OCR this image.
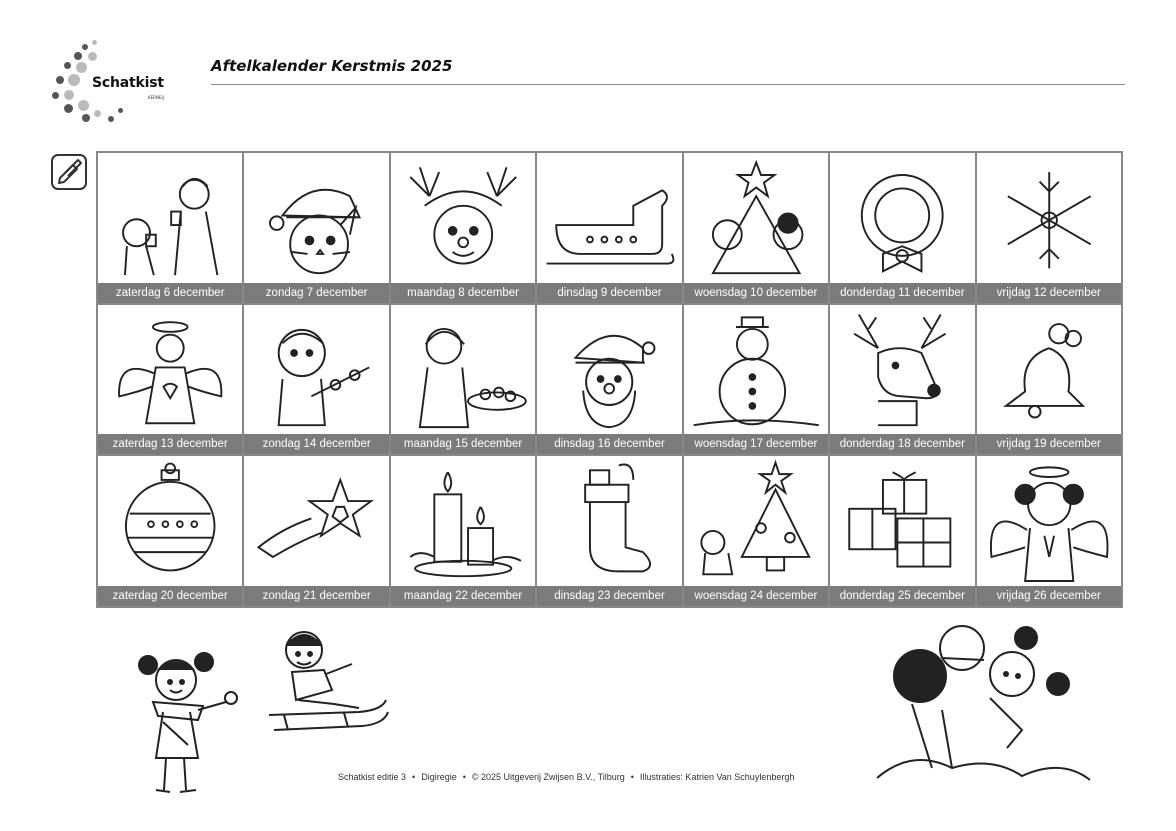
Schatkist
KERNEIJ
Aftelkalender Kerstmis 2025
zaterdag 6 december	zondag 7 december	maandag 8 december	dinsdag 9 december	woensdag 10 december	donderdag 11 december	vrijdag 12 december
zaterdag 13 december	zondag 14 december	maandag 15 december	dinsdag 16 december	woensdag 17 december	donderdag 18 december	vrijdag 19 december
zaterdag 20 december	zondag 21 december	maandag 22 december	dinsdag 23 december	woensdag 24 december	donderdag 25 december	vrijdag 26 december
Schatkist editie 3 • Digiregie • © 2025 Uitgeverij Zwijsen B.V., Tilburg • Illustraties: Katrien Van Schuylenbergh
